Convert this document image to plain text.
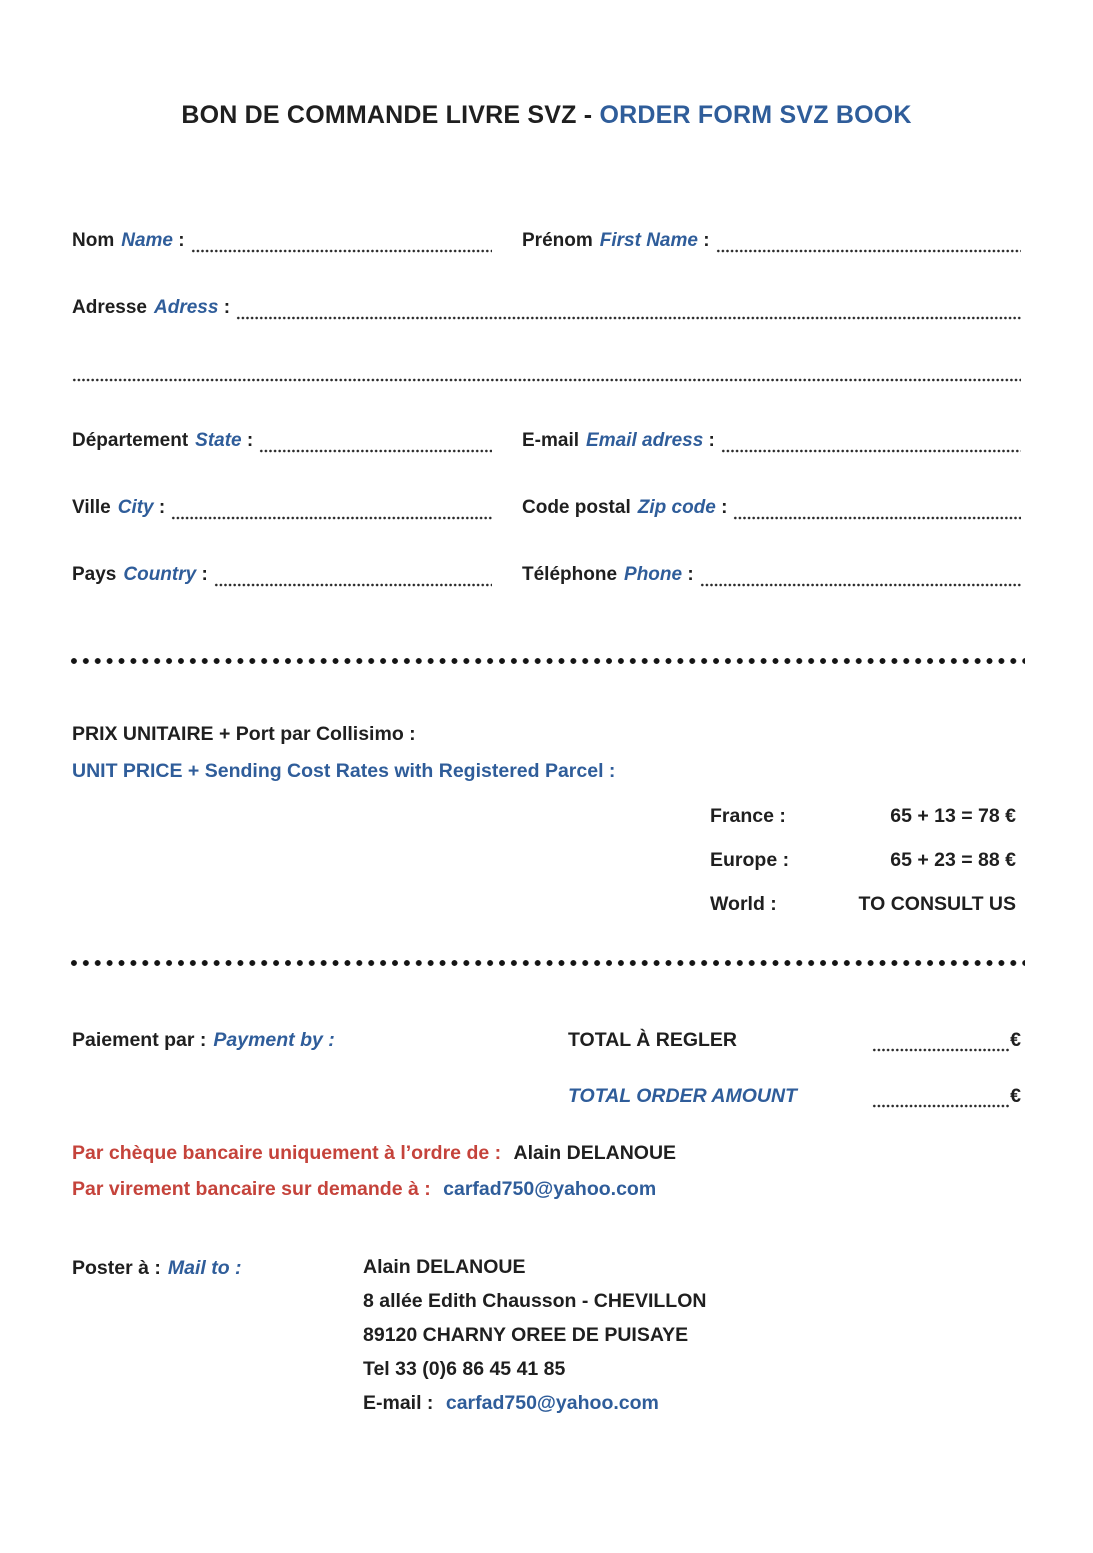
BON DE COMMANDE LIVRE SVZ - ORDER FORM SVZ BOOK
Nom Name :	Prénom First Name :
Adresse Adress :
Département State :	E-mail Email adress :
Ville City :	Code postal Zip code :
Pays Country :	Téléphone Phone :
PRIX UNITAIRE + Port par Collisimo :
UNIT PRICE + Sending Cost Rates with Registered Parcel :
France :	65 + 13 = 78 €
Europe :	65 + 23 = 88 €
World :	TO CONSULT US
Paiement par : Payment by :	TOTAL À REGLER	€
TOTAL ORDER AMOUNT	€
Par chèque bancaire uniquement à l’ordre de : Alain DELANOUE
Par virement bancaire sur demande à : carfad750@yahoo.com
Poster à : Mail to :	Alain DELANOUE
8 allée Edith Chausson - CHEVILLON
89120 CHARNY OREE DE PUISAYE
Tel 33 (0)6 86 45 41 85
E-mail : carfad750@yahoo.com
